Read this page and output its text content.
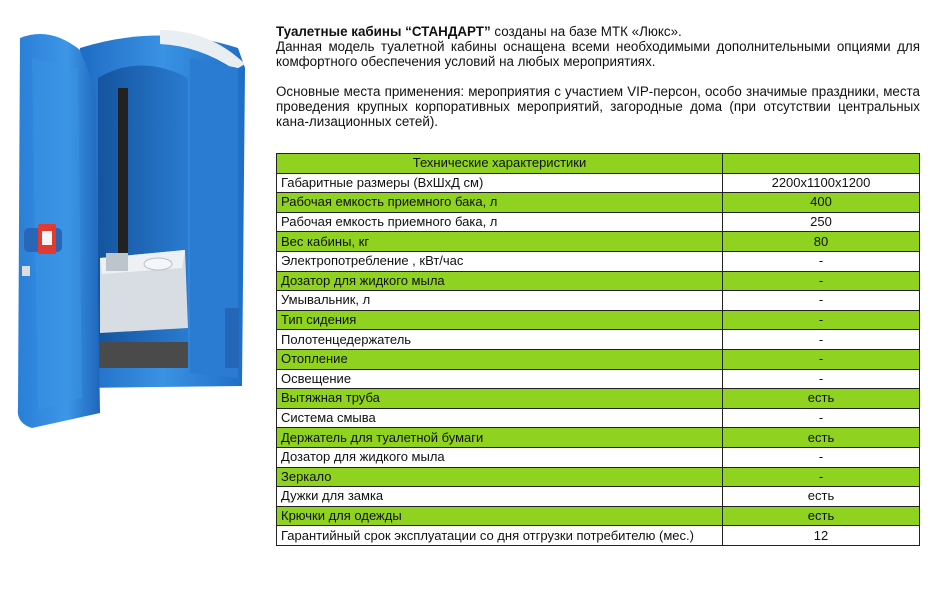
Туалетные кабины “СТАНДАРТ” созданы на базе МТК «Люкс».

Данная модель туалетной кабины оснащена всеми необходимыми дополнительными опциями для комфортного обеспечения условий на любых мероприятиях.

Основные места применения: мероприятия с участием VIP-персон, особо значимые праздники, места проведения крупных корпоративных мероприятий, загородные дома (при отсутствии центральных кана-лизационных сетей).

Технические характеристики	
Габаритные размеры (ВхШхД см)	2200х1100х1200
Рабочая емкость приемного бака, л	400
Рабочая емкость приемного бака, л	250
Вес кабины, кг	80
Электропотребление , кВт/час	-
Дозатор для жидкого мыла	-
Умывальник, л	-
Тип сидения	-
Полотенцедержатель	-
Отопление	-
Освещение	-
Вытяжная труба	есть
Система смыва	-
Держатель для туалетной бумаги	есть
Дозатор для жидкого мыла	-
Зеркало	-
Дужки для замка	есть
Крючки для одежды	есть
Гарантийный срок эксплуатации со дня отгрузки потребителю (мес.)	12
